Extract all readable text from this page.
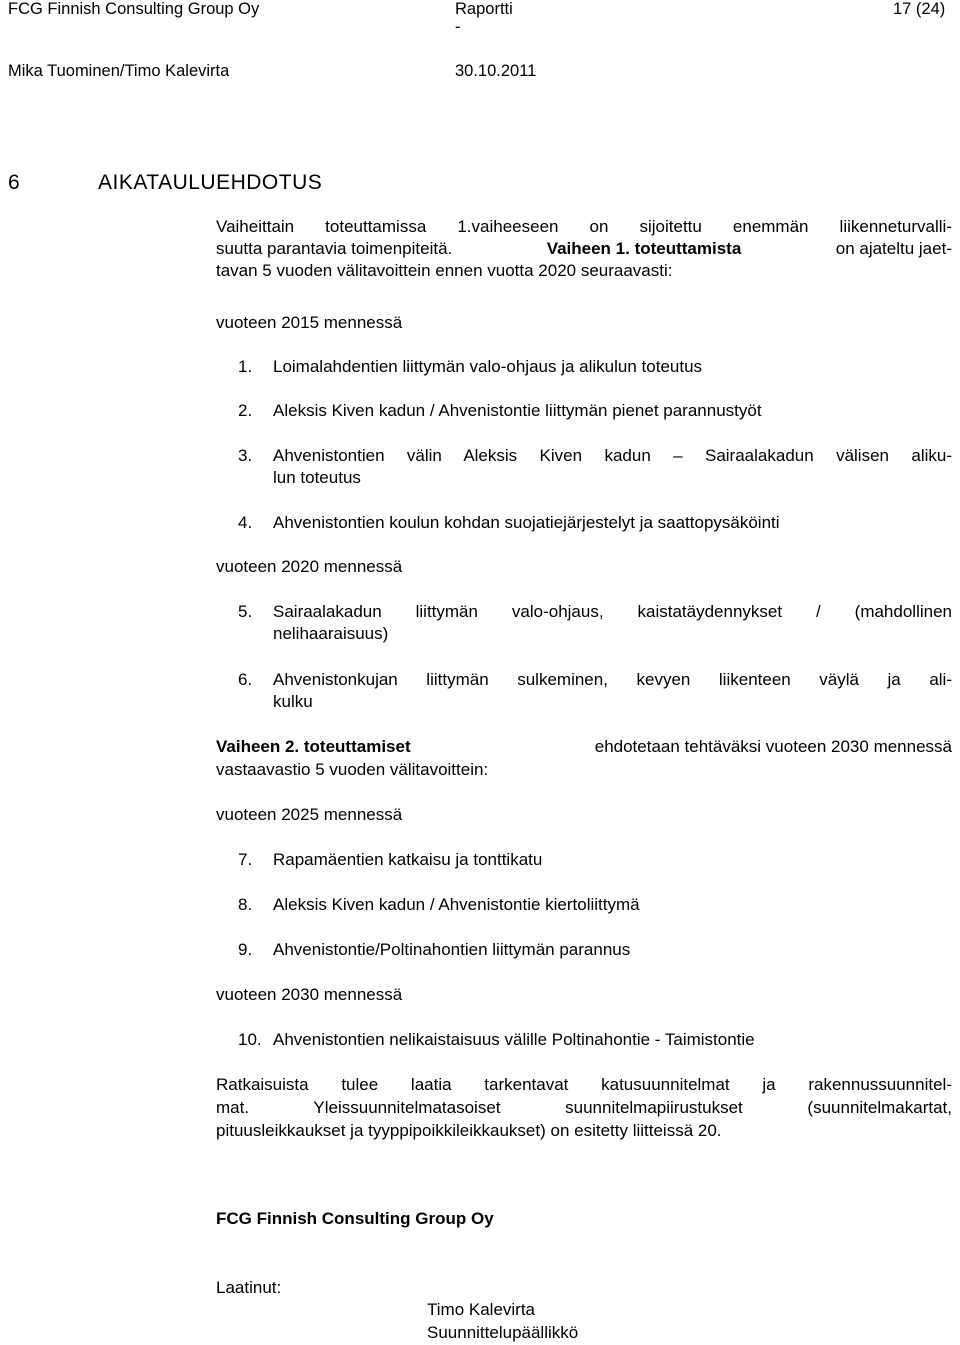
FCG Finnish Consulting Group Oy	Raportti
-
17 (24)
Mika Tuominen/Timo Kalevirta	30.10.2011
6	AIKATAULUEHDOTUS
Vaiheittain toteuttamissa 1.vaiheeseen on sijoitettu enemmän liikenneturvalli-
suutta parantavia toimenpiteitä.	Vaiheen 1. toteuttamista	on ajateltu jaet-
tavan 5 vuoden välitavoittein ennen vuotta 2020 seuraavasti:
vuoteen 2015 mennessä
1. Loimalahdentien liittymän valo-ohjaus ja alikulun toteutus
2. Aleksis Kiven kadun / Ahvenistontie liittymän pienet parannustyöt
3. Ahvenistontien välin Aleksis Kiven kadun – Sairaalakadun välisen aliku-
lun toteutus
4. Ahvenistontien koulun kohdan suojatiejärjestelyt ja saattopysäköinti
vuoteen 2020 mennessä
5. Sairaalakadun liittymän valo-ohjaus, kaistatäydennykset / (mahdollinen
nelihaaraisuus)
6. Ahvenistonkujan liittymän sulkeminen, kevyen liikenteen väylä ja ali-
kulku
Vaiheen 2. toteuttamiset	ehdotetaan tehtäväksi vuoteen 2030 mennessä
vastaavastio 5 vuoden välitavoittein:
vuoteen 2025 mennessä
7. Rapamäentien katkaisu ja tonttikatu
8. Aleksis Kiven kadun / Ahvenistontie kiertoliittymä
9. Ahvenistontie/Poltinahontien liittymän parannus
vuoteen 2030 mennessä
10. Ahvenistontien nelikaistaisuus välille Poltinahontie - Taimistontie
Ratkaisuista tulee laatia tarkentavat katusuunnitelmat ja rakennussuunnitel-
mat. Yleissuunnitelmatasoiset suunnitelmapiirustukset (suunnitelmakartat,
pituusleikkaukset ja tyyppipoikkileikkaukset) on esitetty liitteissä 20.
FCG Finnish Consulting Group Oy
Laatinut:
Timo Kalevirta
Suunnittelupäällikkö
